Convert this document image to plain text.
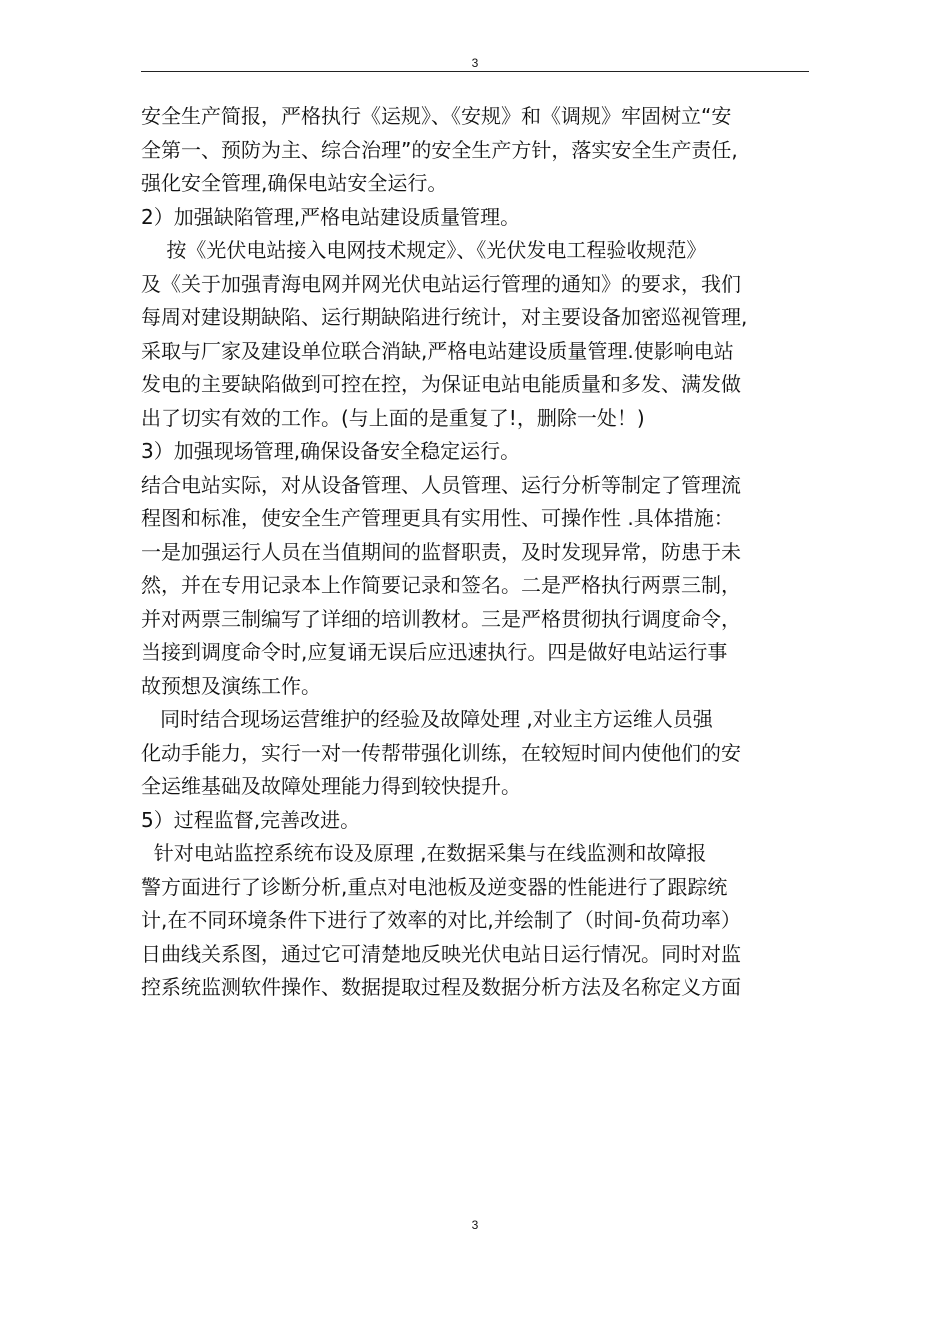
3
安全生产简报，严格执行《运规》、《安规》和《调规》牢固树立“安
全第一、预防为主、综合治理”的安全生产方针，落实安全生产责任,
强化安全管理,确保电站安全运行。
2）加强缺陷管理,严格电站建设质量管理。
按《光伏电站接入电网技术规定》、《光伏发电工程验收规范》
及《关于加强青海电网并网光伏电站运行管理的通知》的要求，我们
每周对建设期缺陷、运行期缺陷进行统计，对主要设备加密巡视管理,
采取与厂家及建设单位联合消缺,严格电站建设质量管理.使影响电站
发电的主要缺陷做到可控在控，为保证电站电能质量和多发、满发做
出了切实有效的工作。(与上面的是重复了!，删除一处！)
3）加强现场管理,确保设备安全稳定运行。
结合电站实际，对从设备管理、人员管理、运行分析等制定了管理流
程图和标准，使安全生产管理更具有实用性、可操作性 .具体措施：
一是加强运行人员在当值期间的监督职责，及时发现异常，防患于未
然，并在专用记录本上作简要记录和签名。二是严格执行两票三制，
并对两票三制编写了详细的培训教材。三是严格贯彻执行调度命令，
当接到调度命令时,应复诵无误后应迅速执行。四是做好电站运行事
故预想及演练工作。
同时结合现场运营维护的经验及故障处理 ,对业主方运维人员强
化动手能力，实行一对一传帮带强化训练，在较短时间内使他们的安
全运维基础及故障处理能力得到较快提升。
5）过程监督,完善改进。
针对电站监控系统布设及原理 ,在数据采集与在线监测和故障报
警方面进行了诊断分析,重点对电池板及逆变器的性能进行了跟踪统
计,在不同环境条件下进行了效率的对比,并绘制了（时间-负荷功率）
日曲线关系图，通过它可清楚地反映光伏电站日运行情况。同时对监
控系统监测软件操作、数据提取过程及数据分析方法及名称定义方面
3
